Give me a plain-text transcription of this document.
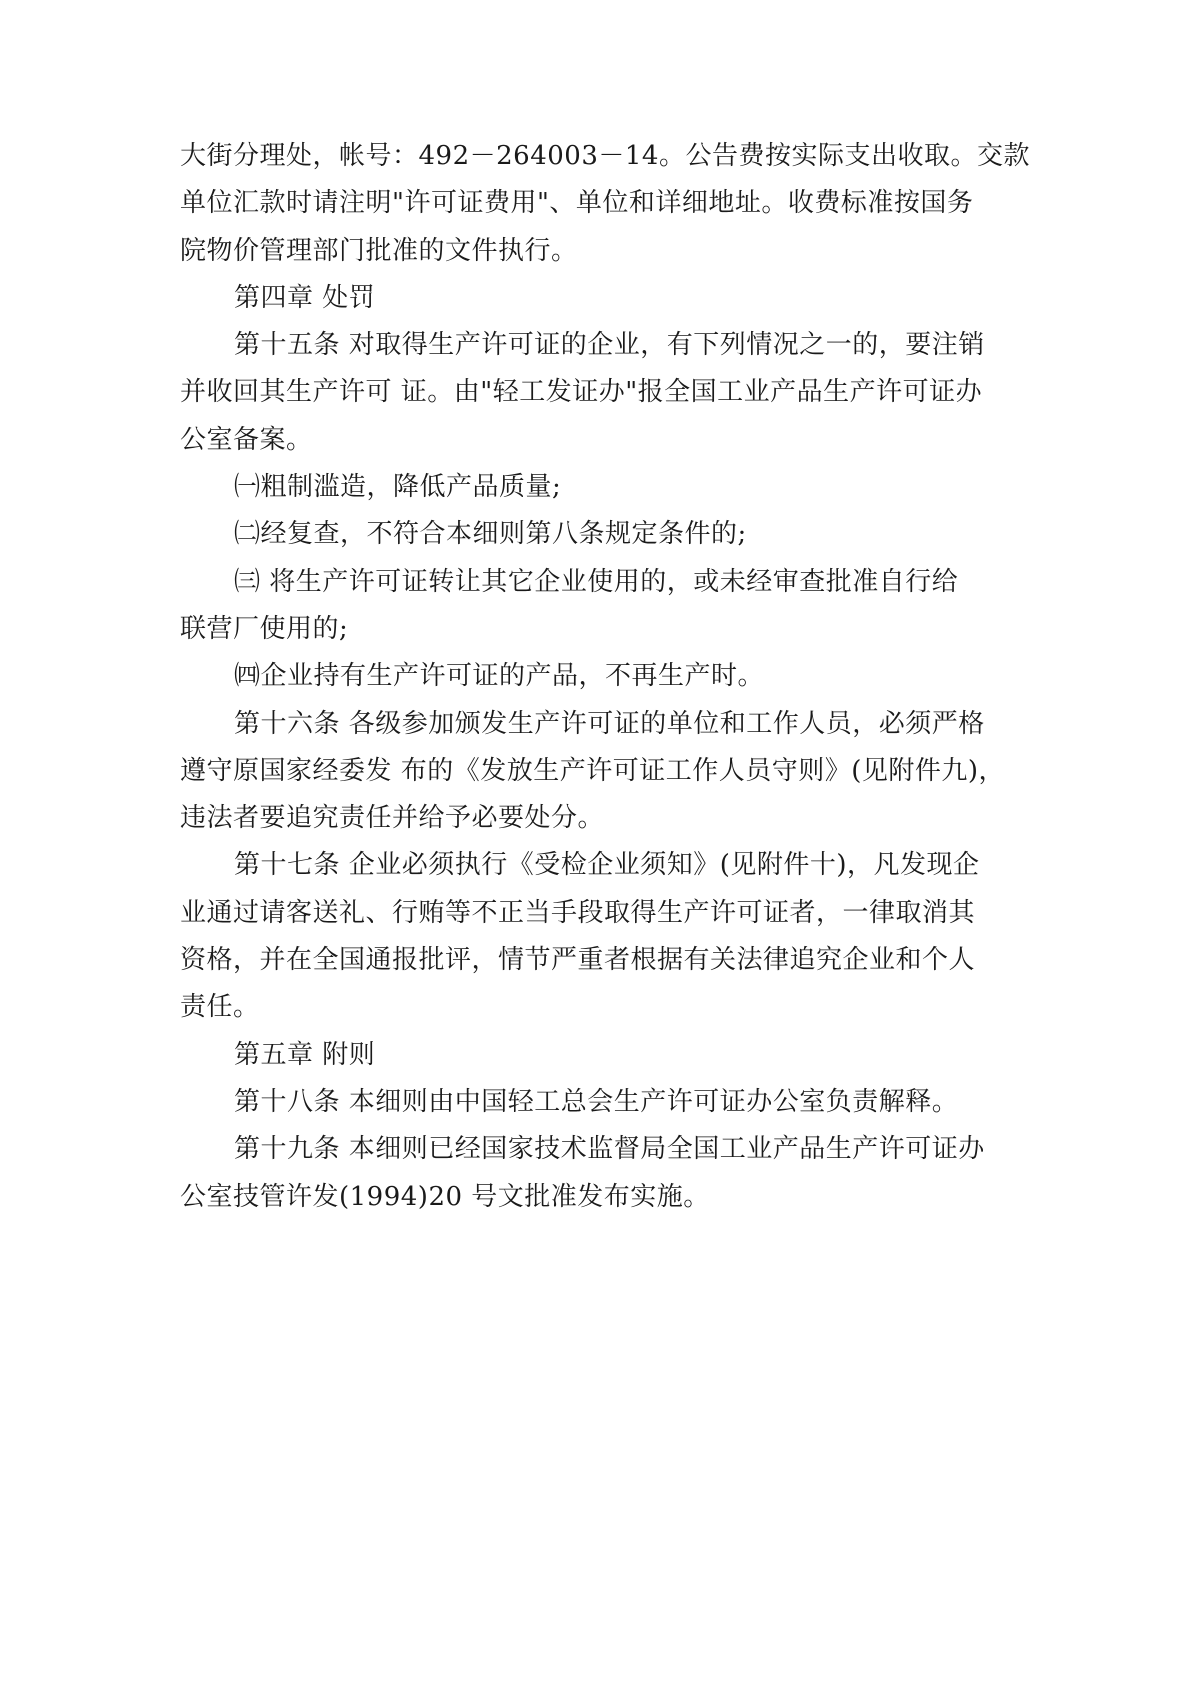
大街分理处，帐号：492－264003－14。公告费按实际支出收取。交款

单位汇款时请注明"许可证费用"、单位和详细地址。收费标准按国务

院物价管理部门批准的文件执行。

第四章 处罚

第十五条 对取得生产许可证的企业，有下列情况之一的，要注销

并收回其生产许可 证。由"轻工发证办"报全国工业产品生产许可证办

公室备案。

㈠粗制滥造，降低产品质量;

㈡经复查，不符合本细则第八条规定条件的;

㈢ 将生产许可证转让其它企业使用的，或未经审查批准自行给

联营厂使用的;

㈣企业持有生产许可证的产品，不再生产时。

第十六条 各级参加颁发生产许可证的单位和工作人员，必须严格

遵守原国家经委发 布的《发放生产许可证工作人员守则》(见附件九)，

违法者要追究责任并给予必要处分。

第十七条 企业必须执行《受检企业须知》(见附件十)，凡发现企

业通过请客送礼、行贿等不正当手段取得生产许可证者，一律取消其

资格，并在全国通报批评，情节严重者根据有关法律追究企业和个人

责任。

第五章 附则

第十八条 本细则由中国轻工总会生产许可证办公室负责解释。

第十九条 本细则已经国家技术监督局全国工业产品生产许可证办

公室技管许发(1994)20 号文批准发布实施。
